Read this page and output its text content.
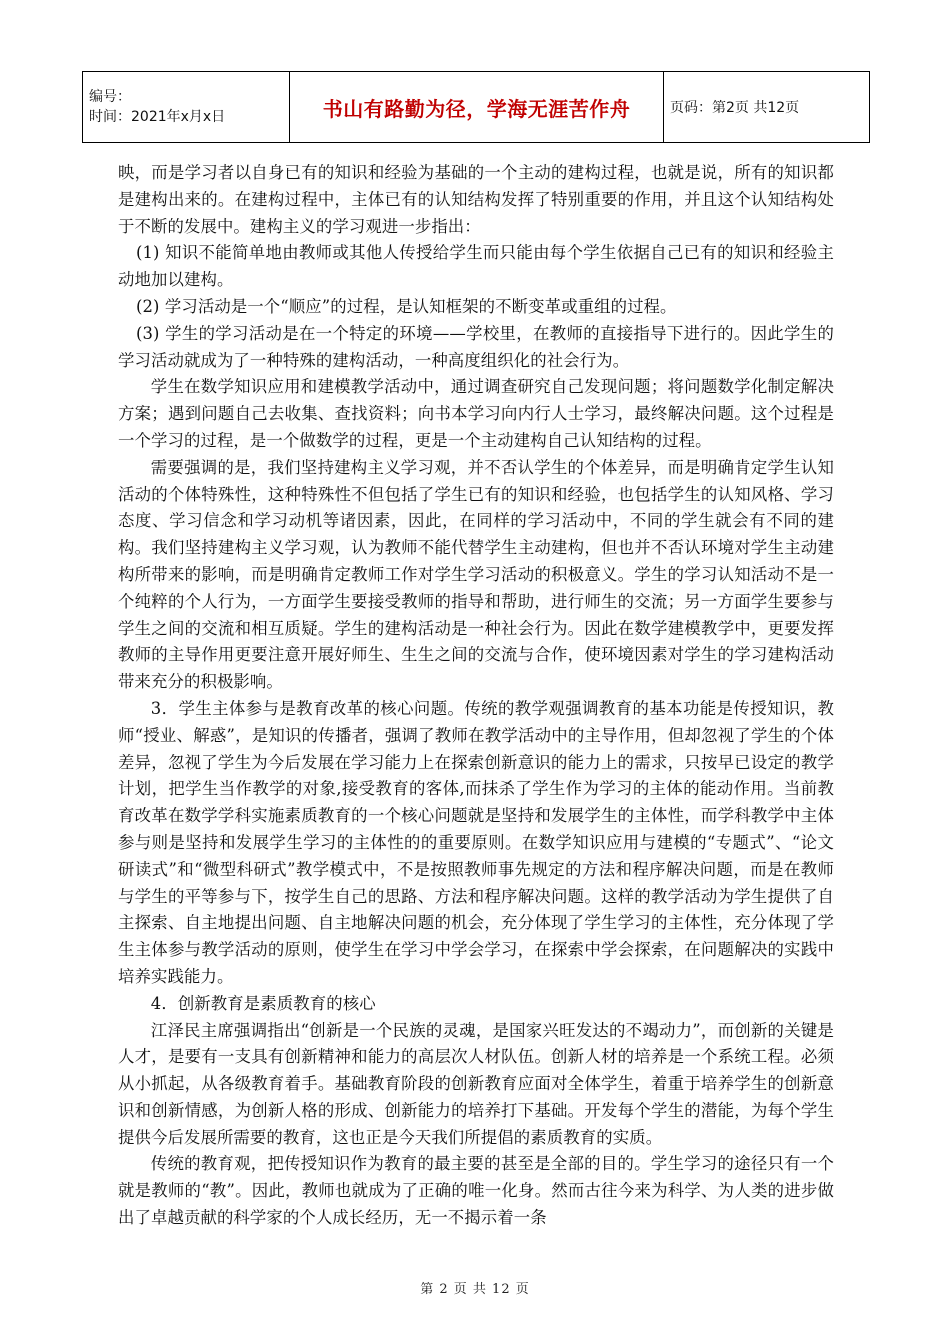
编号：
时间：2021年x月x日	书山有路勤为径，学海无涯苦作舟	页码：第2页 共12页

映，而是学习者以自身已有的知识和经验为基础的一个主动的建构过程，也就是说，所有的知识都是建构出来的。在建构过程中，主体已有的认知结构发挥了特别重要的作用，并且这个认知结构处于不断的发展中。建构主义的学习观进一步指出：

(1) 知识不能简单地由教师或其他人传授给学生而只能由每个学生依据自己已有的知识和经验主动地加以建构。

(2) 学习活动是一个“顺应”的过程，是认知框架的不断变革或重组的过程。

(3) 学生的学习活动是在一个特定的环境——学校里，在教师的直接指导下进行的。因此学生的学习活动就成为了一种特殊的建构活动，一种高度组织化的社会行为。

学生在数学知识应用和建模教学活动中，通过调查研究自己发现问题；将问题数学化制定解决方案；遇到问题自己去收集、查找资料；向书本学习向内行人士学习，最终解决问题。这个过程是一个学习的过程，是一个做数学的过程，更是一个主动建构自己认知结构的过程。

需要强调的是，我们坚持建构主义学习观，并不否认学生的个体差异，而是明确肯定学生认知活动的个体特殊性，这种特殊性不但包括了学生已有的知识和经验，也包括学生的认知风格、学习态度、学习信念和学习动机等诸因素，因此，在同样的学习活动中，不同的学生就会有不同的建构。我们坚持建构主义学习观，认为教师不能代替学生主动建构，但也并不否认环境对学生主动建构所带来的影响，而是明确肯定教师工作对学生学习活动的积极意义。学生的学习认知活动不是一个纯粹的个人行为，一方面学生要接受教师的指导和帮助，进行师生的交流；另一方面学生要参与学生之间的交流和相互质疑。学生的建构活动是一种社会行为。因此在数学建模教学中，更要发挥教师的主导作用更要注意开展好师生、生生之间的交流与合作，使环境因素对学生的学习建构活动带来充分的积极影响。

3．学生主体参与是教育改革的核心问题。传统的教学观强调教育的基本功能是传授知识，教师“授业、解惑”，是知识的传播者，强调了教师在教学活动中的主导作用，但却忽视了学生的个体差异，忽视了学生为今后发展在学习能力上在探索创新意识的能力上的需求，只按早已设定的教学计划，把学生当作教学的对象,接受教育的客体,而抹杀了学生作为学习的主体的能动作用。当前教育改革在数学学科实施素质教育的一个核心问题就是坚持和发展学生的主体性，而学科教学中主体参与则是坚持和发展学生学习的主体性的的重要原则。在数学知识应用与建模的“专题式”、“论文研读式”和“微型科研式”教学模式中，不是按照教师事先规定的方法和程序解决问题，而是在教师与学生的平等参与下，按学生自己的思路、方法和程序解决问题。这样的教学活动为学生提供了自主探索、自主地提出问题、自主地解决问题的机会，充分体现了学生学习的主体性，充分体现了学生主体参与教学活动的原则，使学生在学习中学会学习，在探索中学会探索，在问题解决的实践中培养实践能力。

4．创新教育是素质教育的核心

江泽民主席强调指出“创新是一个民族的灵魂，是国家兴旺发达的不竭动力”，而创新的关键是人才，是要有一支具有创新精神和能力的高层次人材队伍。创新人材的培养是一个系统工程。必须从小抓起，从各级教育着手。基础教育阶段的创新教育应面对全体学生，着重于培养学生的创新意识和创新情感，为创新人格的形成、创新能力的培养打下基础。开发每个学生的潜能，为每个学生提供今后发展所需要的教育，这也正是今天我们所提倡的素质教育的实质。

传统的教育观，把传授知识作为教育的最主要的甚至是全部的目的。学生学习的途径只有一个就是教师的“教”。因此，教师也就成为了正确的唯一化身。然而古往今来为科学、为人类的进步做出了卓越贡献的科学家的个人成长经历，无一不揭示着一条

第 2 页 共 12 页
